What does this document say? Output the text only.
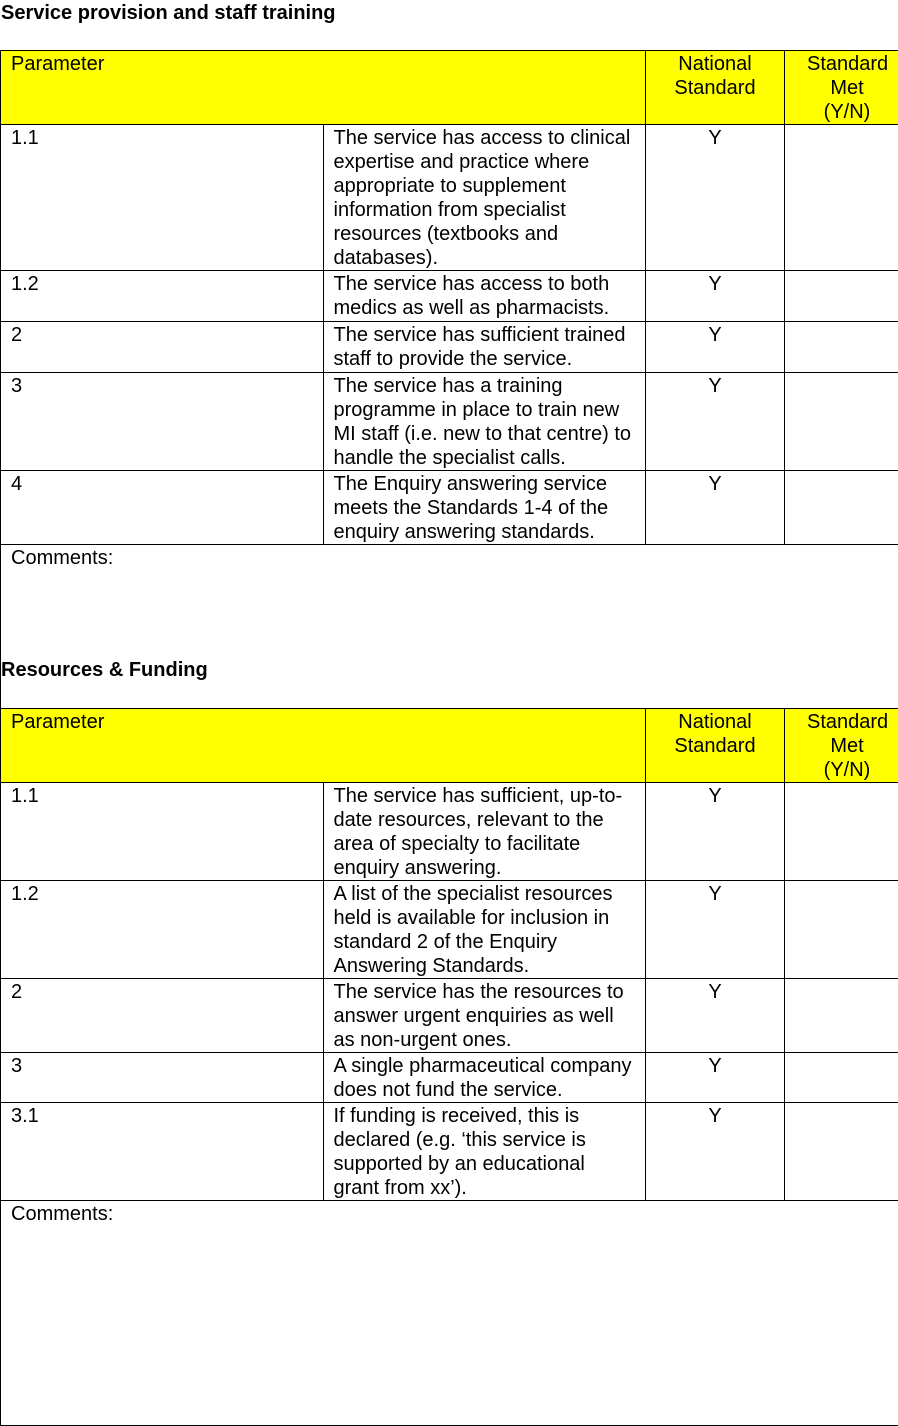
Service provision and staff training
Parameter		National Standard	Standard Met (Y/N)
1.1	The service has access to clinical expertise and practice where appropriate to supplement information from specialist resources (textbooks and databases).	Y	
1.2	The service has access to both medics as well as pharmacists.	Y	
2	The service has sufficient trained staff to provide the service.	Y	
3	The service has a training programme in place to train new MI staff (i.e. new to that centre) to handle the specialist calls.	Y	
4	The Enquiry answering service meets the Standards 1-4 of the enquiry answering standards.	Y	
Comments:			
Resources & Funding
Parameter		National Standard	Standard Met (Y/N)
1.1	The service has sufficient, up-to-date resources, relevant to the area of specialty to facilitate enquiry answering.	Y	
1.2	A list of the specialist resources held is available for inclusion in standard 2 of the Enquiry Answering Standards.	Y	
2	The service has the resources to answer urgent enquiries as well as non-urgent ones.	Y	
3	A single pharmaceutical company does not fund the service.	Y	
3.1	If funding is received, this is declared (e.g. ‘this service is supported by an educational grant from xx’).	Y	
Comments:			
